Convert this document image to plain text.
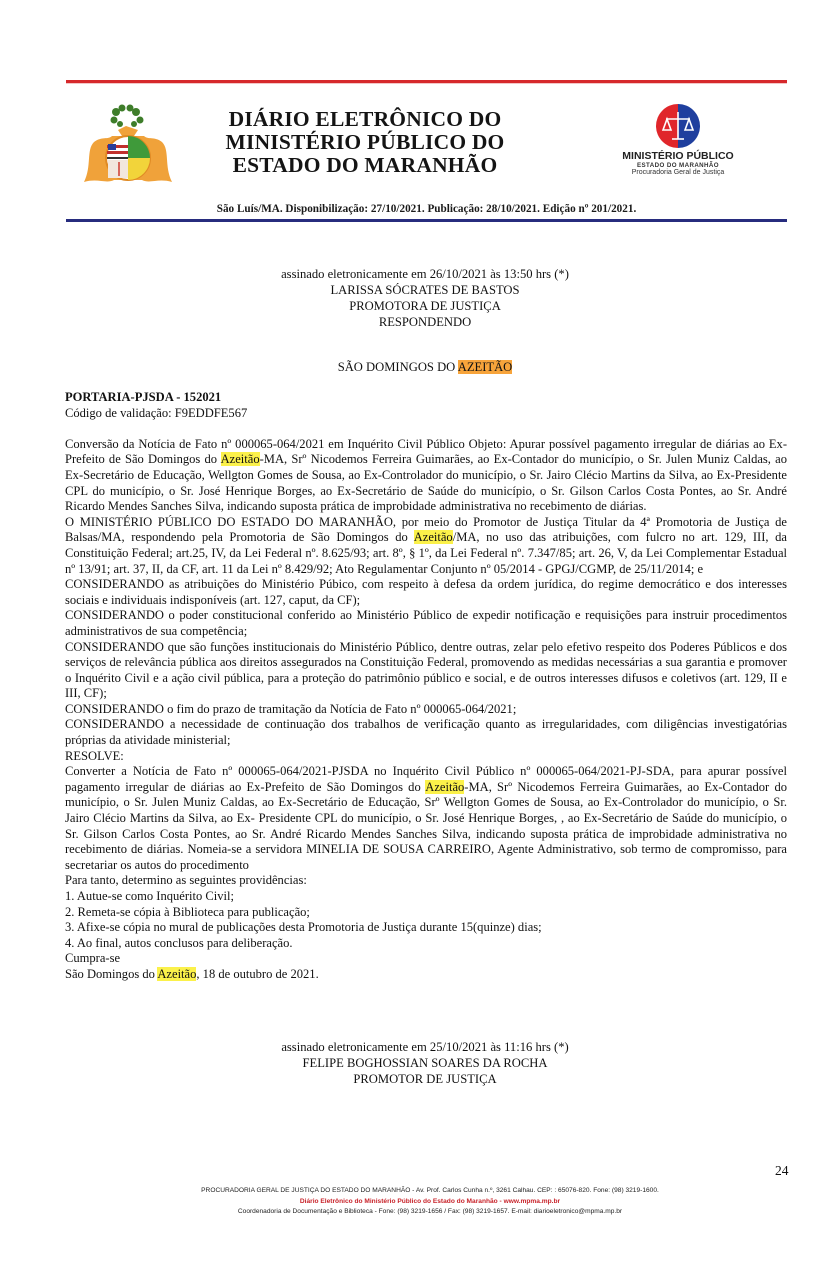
DIÁRIO ELETRÔNICO DO
MINISTÉRIO PÚBLICO DO
ESTADO DO MARANHÃO	MINISTÉRIO PÚBLICO
ESTADO DO MARANHÃO
Procuradoria Geral de Justiça
São Luís/MA. Disponibilização: 27/10/2021. Publicação: 28/10/2021. Edição nº 201/2021.
assinado eletronicamente em 26/10/2021 às 13:50 hrs (*)
LARISSA SÓCRATES DE BASTOS
PROMOTORA DE JUSTIÇA
RESPONDENDO
SÃO DOMINGOS DO AZEITÃO

PORTARIA-PJSDA - 152021

Código de validação: F9EDDFE567

Conversão da Notícia de Fato nº 000065-064/2021 em Inquérito Civil Público Objeto: Apurar possível pagamento irregular de diárias ao Ex-Prefeito de São Domingos do Azeitão-MA, Srº Nicodemos Ferreira Guimarães, ao Ex-Contador do município, o Sr. Julen Muniz Caldas, ao Ex-Secretário de Educação, Wellgton Gomes de Sousa, ao Ex-Controlador do município, o Sr. Jairo Clécio Martins da Silva, ao Ex-Presidente CPL do município, o Sr. José Henrique Borges, ao Ex-Secretário de Saúde do município, o Sr. Gilson Carlos Costa Pontes, ao Sr. André Ricardo Mendes Sanches Silva, indicando suposta prática de improbidade administrativa no recebimento de diárias.

O MINISTÉRIO PÚBLICO DO ESTADO DO MARANHÃO, por meio do Promotor de Justiça Titular da 4ª Promotoria de Justiça de Balsas/MA, respondendo pela Promotoria de São Domingos do Azeitão/MA, no uso das atribuições, com fulcro no art. 129, III, da Constituição Federal; art.25, IV, da Lei Federal nº. 8.625/93; art. 8º, § 1º, da Lei Federal nº. 7.347/85; art. 26, V, da Lei Complementar Estadual nº 13/91; art. 37, II, da CF, art. 11 da Lei nº 8.429/92; Ato Regulamentar Conjunto nº 05/2014 - GPGJ/CGMP, de 25/11/2014; e

CONSIDERANDO as atribuições do Ministério Púbico, com respeito à defesa da ordem jurídica, do regime democrático e dos interesses sociais e individuais indisponíveis (art. 127, caput, da CF);

CONSIDERANDO o poder constitucional conferido ao Ministério Público de expedir notificação e requisições para instruir procedimentos administrativos de sua competência;

CONSIDERANDO que são funções institucionais do Ministério Público, dentre outras, zelar pelo efetivo respeito dos Poderes Públicos e dos serviços de relevância pública aos direitos assegurados na Constituição Federal, promovendo as medidas necessárias a sua garantia e promover o Inquérito Civil e a ação civil pública, para a proteção do patrimônio público e social, e de outros interesses difusos e coletivos (art. 129, II e III, CF);

CONSIDERANDO o fim do prazo de tramitação da Notícia de Fato nº 000065-064/2021;

CONSIDERANDO a necessidade de continuação dos trabalhos de verificação quanto as irregularidades, com diligências investigatórias próprias da atividade ministerial;

RESOLVE:

Converter a Notícia de Fato nº 000065-064/2021-PJSDA no Inquérito Civil Público nº 000065-064/2021-PJ-SDA, para apurar possível pagamento irregular de diárias ao Ex-Prefeito de São Domingos do Azeitão-MA, Srº Nicodemos Ferreira Guimarães, ao Ex-Contador do município, o Sr. Julen Muniz Caldas, ao Ex-Secretário de Educação, Srº Wellgton Gomes de Sousa, ao Ex-Controlador do município, o Sr. Jairo Clécio Martins da Silva, ao Ex- Presidente CPL do município, o Sr. José Henrique Borges, , ao Ex-Secretário de Saúde do município, o Sr. Gilson Carlos Costa Pontes, ao Sr. André Ricardo Mendes Sanches Silva, indicando suposta prática de improbidade administrativa no recebimento de diárias. Nomeia-se a servidora MINELIA DE SOUSA CARREIRO, Agente Administrativo, sob termo de compromisso, para secretariar os autos do procedimento

Para tanto, determino as seguintes providências:

1. Autue-se como Inquérito Civil;

2. Remeta-se cópia à Biblioteca para publicação;

3. Afixe-se cópia no mural de publicações desta Promotoria de Justiça durante 15(quinze) dias;

4. Ao final, autos conclusos para deliberação.

Cumpra-se

São Domingos do Azeitão, 18 de outubro de 2021.

assinado eletronicamente em 25/10/2021 às 11:16 hrs (*)
FELIPE BOGHOSSIAN SOARES DA ROCHA
PROMOTOR DE JUSTIÇA
24
PROCURADORIA GERAL DE JUSTIÇA DO ESTADO DO MARANHÃO - Av. Prof. Carlos Cunha n.º, 3261 Calhau. CEP: : 65076-820. Fone: (98) 3219-1600.
Diário Eletrônico do Ministério Público do Estado do Maranhão - www.mpma.mp.br
Coordenadoria de Documentação e Biblioteca - Fone: (98) 3219-1656 / Fax: (98) 3219-1657. E-mail: diarioeletronico@mpma.mp.br
